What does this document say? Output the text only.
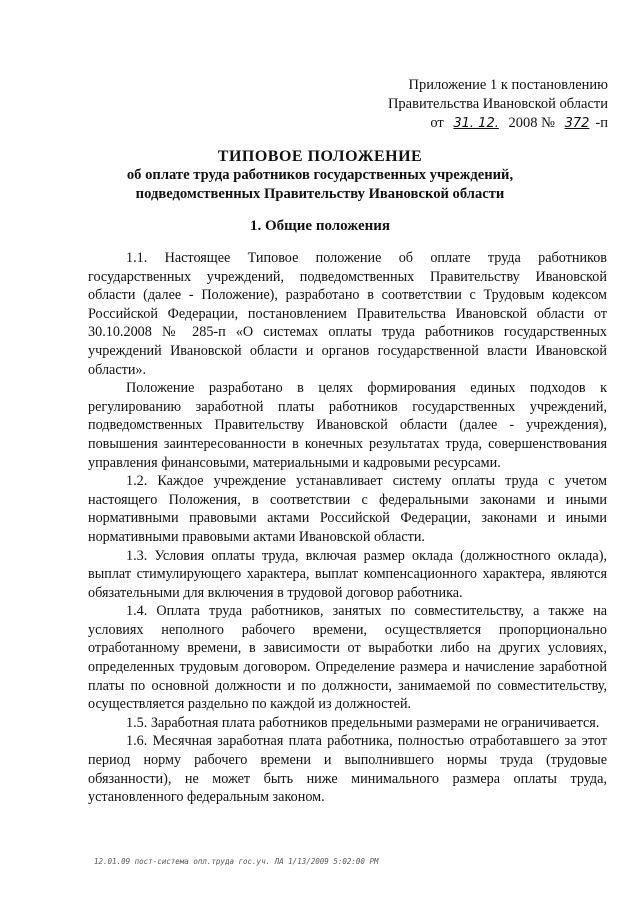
Приложение 1 к постановлению
Правительства Ивановской области
от 31. 12. 2008 № 372 -п
ТИПОВОЕ ПОЛОЖЕНИЕ
об оплате труда работников государственных учреждений,
подведомственных Правительству Ивановской области
1. Общие положения

1.1. Настоящее Типовое положение об оплате труда работников государственных учреждений, подведомственных Правительству Ивановской области (далее - Положение), разработано в соответствии с Трудовым кодексом Российской Федерации, постановлением Правительства Ивановской области от 30.10.2008 № 285-п «О системах оплаты труда работников государственных учреждений Ивановской области и органов государственной власти Ивановской области».

Положение разработано в целях формирования единых подходов к регулированию заработной платы работников государственных учреждений, подведомственных Правительству Ивановской области (далее - учреждения), повышения заинтересованности в конечных результатах труда, совершенствования управления финансовыми, материальными и кадровыми ресурсами.

1.2. Каждое учреждение устанавливает систему оплаты труда с учетом настоящего Положения, в соответствии с федеральными законами и иными нормативными правовыми актами Российской Федерации, законами и иными нормативными правовыми актами Ивановской области.

1.3. Условия оплаты труда, включая размер оклада (должностного оклада), выплат стимулирующего характера, выплат компенсационного характера, являются обязательными для включения в трудовой договор работника.

1.4. Оплата труда работников, занятых по совместительству, а также на условиях неполного рабочего времени, осуществляется пропорционально отработанному времени, в зависимости от выработки либо на других условиях, определенных трудовым договором. Определение размера и начисление заработной платы по основной должности и по должности, занимаемой по совместительству, осуществляется раздельно по каждой из должностей.

1.5. Заработная плата работников предельными размерами не ограничивается.

1.6. Месячная заработная плата работника, полностью отработавшего за этот период норму рабочего времени и выполнившего нормы труда (трудовые обязанности), не может быть ниже минимального размера оплаты труда, установленного федеральным законом.

12.01.09 пост-система опл.труда гос.уч. ЛА 1/13/2009 5:02:00 PM
